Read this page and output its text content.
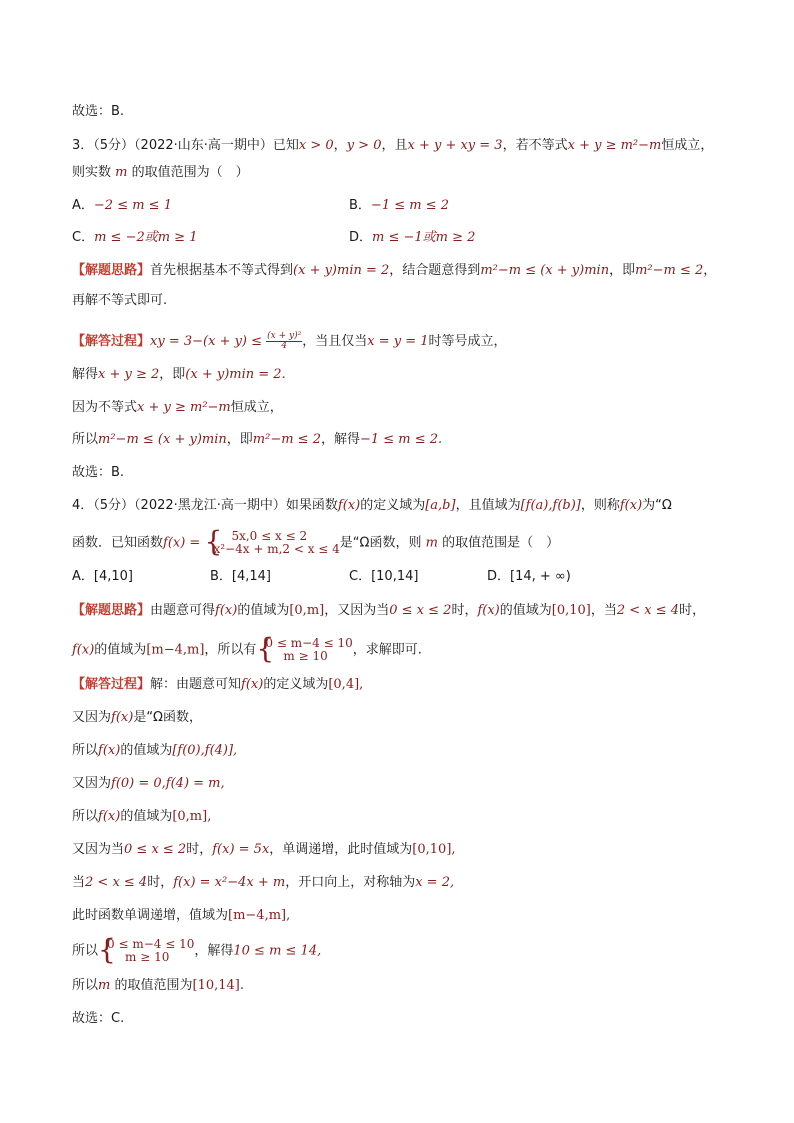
故选：B.
3．（5分）（2022·山东·高一期中）已知x > 0，y > 0，且x + y + xy = 3，若不等式x + y ≥ m²−m恒成立，
则实数 m 的取值范围为（　）
A．−2 ≤ m ≤ 1	B．−1 ≤ m ≤ 2
C．m ≤ −2或m ≥ 1	D．m ≤ −1或m ≥ 2
【解题思路】首先根据基本不等式得到(x + y)min = 2，结合题意得到m²−m ≤ (x + y)min，即m²−m ≤ 2，
再解不等式即可.
【解答过程】xy = $3-(x + y) \le \frac{\text{(x + y)²}}{4}$ ，当且仅当x = y = 1时等号成立，
解得x + y ≥ 2，即(x + y)min = 2.
因为不等式x + y ≥ m²−m恒成立，
所以m²−m ≤ (x + y)min，即m²−m ≤ 2，解得−1 ≤ m ≤ 2.
故选：B.
4．（5分）（2022·黑龙江·高一期中）如果函数f(x)的定义域为[a,b]，且值域为[f(a),f(b)]，则称f(x)为“Ω
函数．已知函数f(x) = { 5x,0 ≤ x ≤ 2
x²−4x + m,2 < x ≤ 4 是“Ω函数，则 m 的取值范围是（　）
A．[4,10]	B．[4,14]	C．[10,14]	D．[14, + ∞)
【解题思路】由题意可得f(x)的值域为[0,m]，又因为当0 ≤ x ≤ 2时，f(x)的值域为[0,10]，当2 < x ≤ 4时，
f(x)的值域为[m−4,m]，所以有 {
0 ≤ m−4 ≤ 10
m ≥ 10	，求解即可.
【解答过程】解：由题意可知f(x)的定义域为[0,4],
又因为f(x)是“Ω函数，
所以f(x)的值域为[f(0),f(4)],
又因为f(0) = 0,f(4) = m,
所以f(x)的值域为[0,m],
又因为当0 ≤ x ≤ 2时，f(x) = 5x，单调递增，此时值域为[0,10],
当2 < x ≤ 4时，f(x) = x²−4x + m，开口向上，对称轴为x = 2,
此时函数单调递增，值域为[m−4,m],
所以 {
0 ≤ m−4 ≤ 10
m ≥ 10	，解得10 ≤ m ≤ 14,
所以m 的取值范围为[10,14].
故选：C.
